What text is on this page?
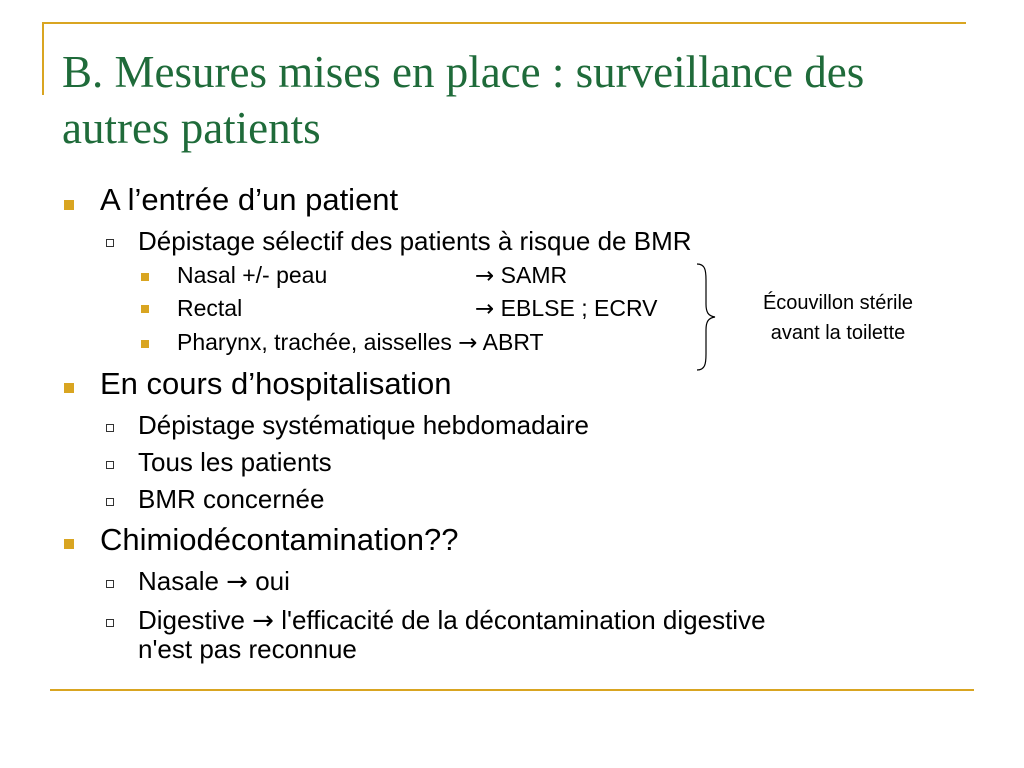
B. Mesures mises en place : surveillance des autres patients
A l’entrée d’un patient
Dépistage sélectif des patients à risque de BMR
Nasal +/- peau	→ SAMR
Rectal	→ EBLSE ; ECRV
Pharynx, trachée, aisselles → ABRT
Écouvillon stérile
avant la toilette
En cours d’hospitalisation
Dépistage systématique hebdomadaire
Tous les patients
BMR concernée
Chimiodécontamination??
Nasale → oui
Digestive → l'efficacité de la décontamination digestive
n'est pas reconnue
